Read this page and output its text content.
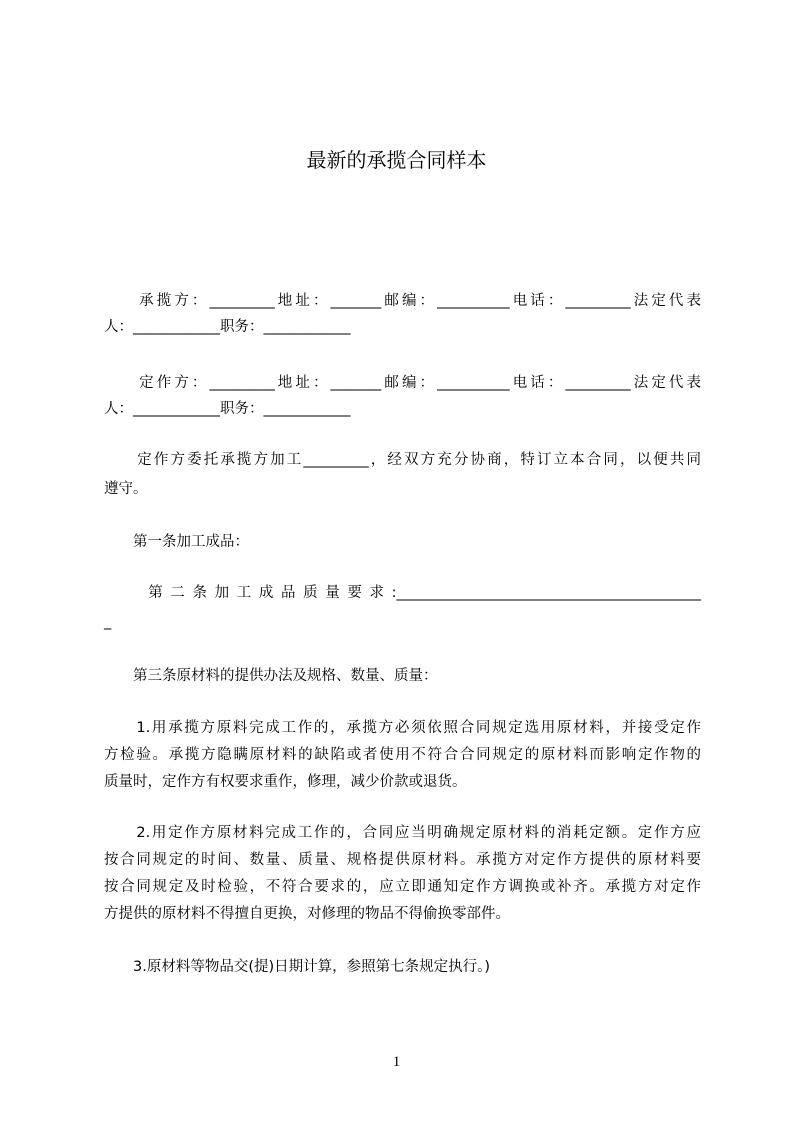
最新的承揽合同样本
　　承揽方：_________地址：_______邮编：__________电话：_________法定代表
人：____________职务：____________
　　定作方：_________地址：_______邮编：__________电话：_________法定代表
人：____________职务：____________
　　定作方委托承揽方加工_________，经双方充分协商，特订立本合同，以便共同
遵守。
　　第一条加工成品：
　　第二条加工成品质量要求:__________________________________________
_
　　第三条原材料的提供办法及规格、数量、质量：
　　1.用承揽方原料完成工作的，承揽方必须依照合同规定选用原材料，并接受定作
方检验。承揽方隐瞒原材料的缺陷或者使用不符合合同规定的原材料而影响定作物的
质量时，定作方有权要求重作，修理，减少价款或退货。
　　2.用定作方原材料完成工作的，合同应当明确规定原材料的消耗定额。定作方应
按合同规定的时间、数量、质量、规格提供原材料。承揽方对定作方提供的原材料要
按合同规定及时检验，不符合要求的，应立即通知定作方调换或补齐。承揽方对定作
方提供的原材料不得擅自更换，对修理的物品不得偷换零部件。
　　3.原材料等物品交(提)日期计算，参照第七条规定执行。)
1
